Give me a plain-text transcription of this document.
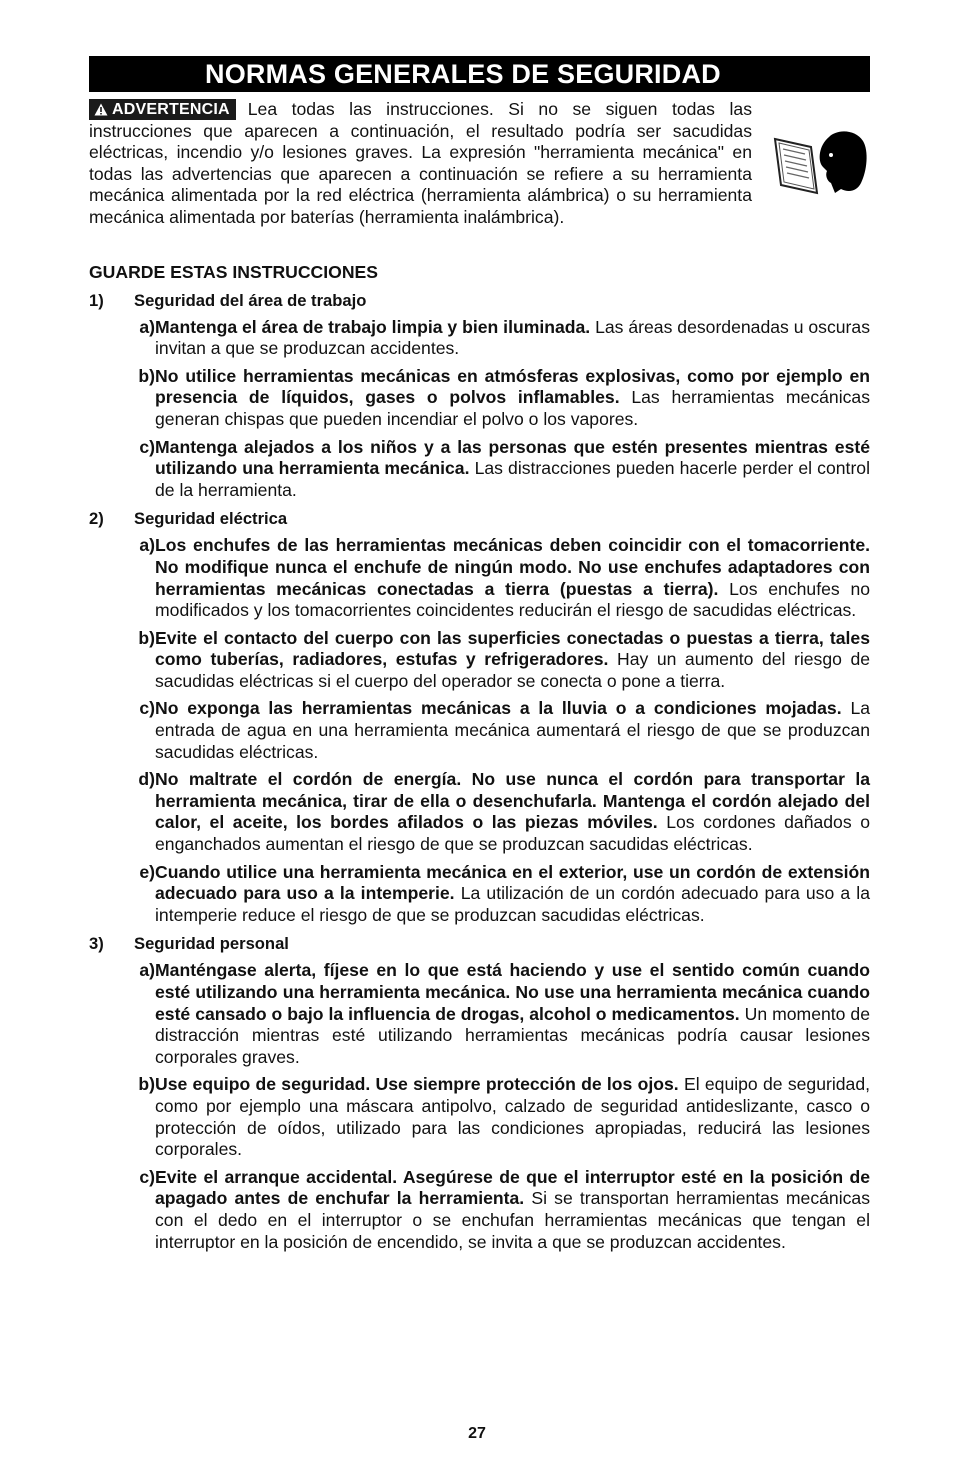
NORMAS GENERALES DE SEGURIDAD
ADVERTENCIA Lea todas las instrucciones. Si no se siguen todas las instrucciones que aparecen a continuación, el resultado podría ser sacudidas eléctricas, incendio y/o lesiones graves. La expresión "herramienta mecánica" en todas las advertencias que aparecen a continuación se refiere a su herramienta mecánica alimentada por la red eléctrica (herramienta alámbrica) o su herramienta mecánica alimentada por baterías (herramienta inalámbrica).
GUARDE ESTAS INSTRUCCIONES
1)	Seguridad del área de trabajo
a) Mantenga el área de trabajo limpia y bien iluminada. Las áreas desordenadas u oscuras invitan a que se produzcan accidentes.
b) No utilice herramientas mecánicas en atmósferas explosivas, como por ejemplo en presencia de líquidos, gases o polvos inflamables. Las herramientas mecánicas generan chispas que pueden incendiar el polvo o los vapores.
c) Mantenga alejados a los niños y a las personas que estén presentes mientras esté utilizando una herramienta mecánica. Las distracciones pueden hacerle perder el control de la herramienta.
2)	Seguridad eléctrica
a) Los enchufes de las herramientas mecánicas deben coincidir con el tomacorriente. No modifique nunca el enchufe de ningún modo. No use enchufes adaptadores con herramientas mecánicas conectadas a tierra (puestas a tierra). Los enchufes no modificados y los tomacorrientes coincidentes reducirán el riesgo de sacudidas eléctricas.
b) Evite el contacto del cuerpo con las superficies conectadas o puestas a tierra, tales como tuberías, radiadores, estufas y refrigeradores. Hay un aumento del riesgo de sacudidas eléctricas si el cuerpo del operador se conecta o pone a tierra.
c) No exponga las herramientas mecánicas a la lluvia o a condiciones mojadas. La entrada de agua en una herramienta mecánica aumentará el riesgo de que se produzcan sacudidas eléctricas.
d) No maltrate el cordón de energía. No use nunca el cordón para transportar la herramienta mecánica, tirar de ella o desenchufarla. Mantenga el cordón alejado del calor, el aceite, los bordes afilados o las piezas móviles. Los cordones dañados o enganchados aumentan el riesgo de que se produzcan sacudidas eléctricas.
e) Cuando utilice una herramienta mecánica en el exterior, use un cordón de extensión adecuado para uso a la intemperie. La utilización de un cordón adecuado para uso a la intemperie reduce el riesgo de que se produzcan sacudidas eléctricas.
3)	Seguridad personal
a) Manténgase alerta, fíjese en lo que está haciendo y use el sentido común cuando esté utilizando una herramienta mecánica. No use una herramienta mecánica cuando esté cansado o bajo la influencia de drogas, alcohol o medicamentos. Un momento de distracción mientras esté utilizando herramientas mecánicas podría causar lesiones corporales graves.
b) Use equipo de seguridad. Use siempre protección de los ojos. El equipo de seguridad, como por ejemplo una máscara antipolvo, calzado de seguridad antideslizante, casco o protección de oídos, utilizado para las condiciones apropiadas, reducirá las lesiones corporales.
c) Evite el arranque accidental. Asegúrese de que el interruptor esté en la posición de apagado antes de enchufar la herramienta. Si se transportan herramientas mecánicas con el dedo en el interruptor o se enchufan herramientas mecánicas que tengan el interruptor en la posición de encendido, se invita a que se produzcan accidentes.
27
